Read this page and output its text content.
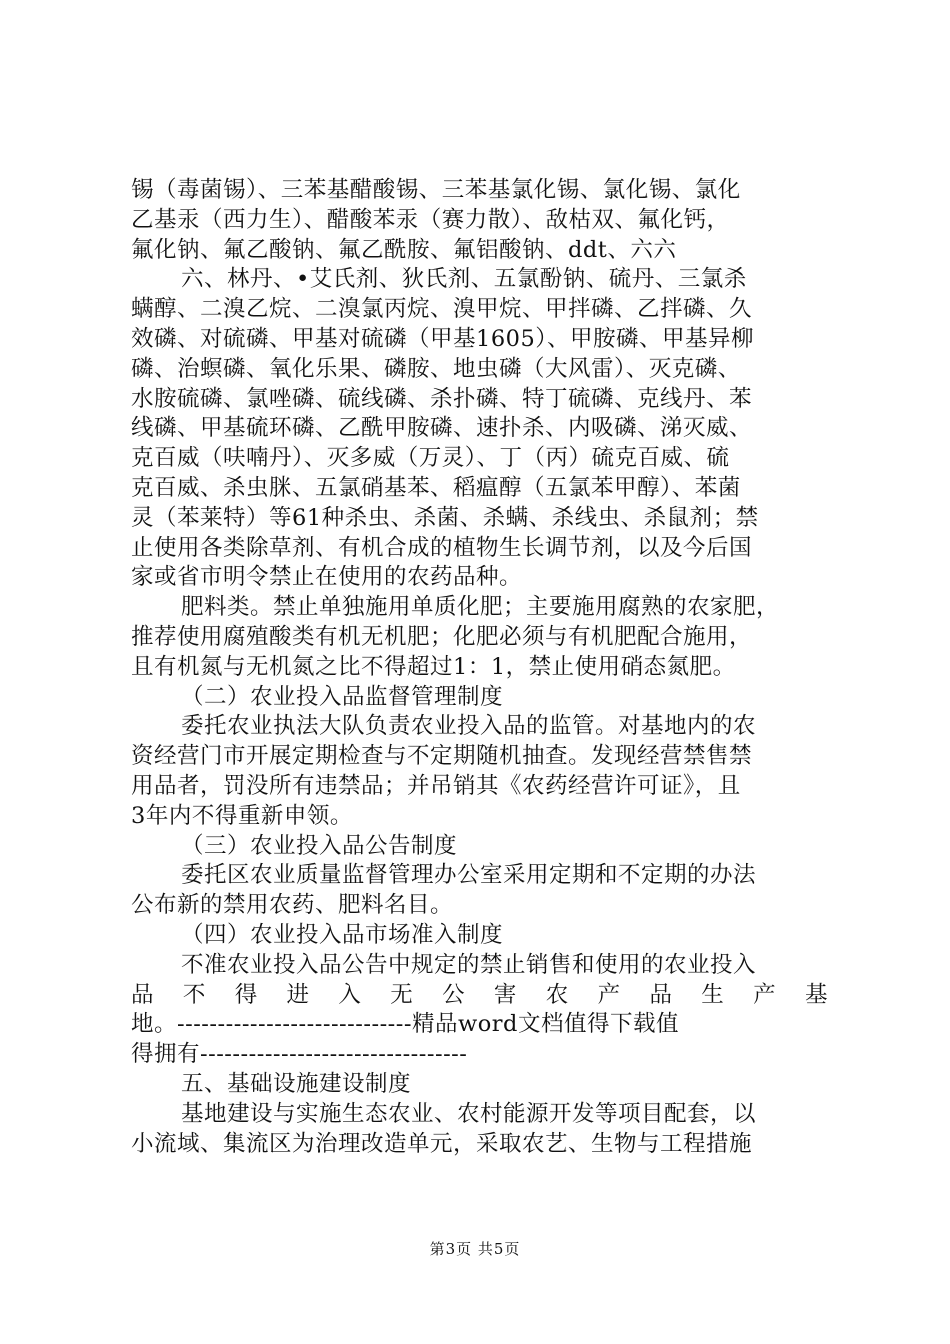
锡（毒菌锡）、三苯基醋酸锡、三苯基氯化锡、氯化锡、氯化
乙基汞（西力生）、醋酸苯汞（赛力散）、敌枯双、氟化钙，
氟化钠、氟乙酸钠、氟乙酰胺、氟铝酸钠、ddt、六六
六、林丹、•艾氏剂、狄氏剂、五氯酚钠、硫丹、三氯杀
螨醇、二溴乙烷、二溴氯丙烷、溴甲烷、甲拌磷、乙拌磷、久
效磷、对硫磷、甲基对硫磷（甲基1605）、甲胺磷、甲基异柳
磷、治螟磷、氧化乐果、磷胺、地虫磷（大风雷）、灭克磷、
水胺硫磷、氯唑磷、硫线磷、杀扑磷、特丁硫磷、克线丹、苯
线磷、甲基硫环磷、乙酰甲胺磷、速扑杀、内吸磷、涕灭威、
克百威（呋喃丹）、灭多威（万灵）、丁（丙）硫克百威、硫
克百威、杀虫脒、五氯硝基苯、稻瘟醇（五氯苯甲醇）、苯菌
灵（苯莱特）等61种杀虫、杀菌、杀螨、杀线虫、杀鼠剂；禁
止使用各类除草剂、有机合成的植物生长调节剂，以及今后国
家或省市明令禁止在使用的农药品种。
肥料类。禁止单独施用单质化肥；主要施用腐熟的农家肥，
推荐使用腐殖酸类有机无机肥；化肥必须与有机肥配合施用，
且有机氮与无机氮之比不得超过1：1，禁止使用硝态氮肥。
（二）农业投入品监督管理制度
委托农业执法大队负责农业投入品的监管。对基地内的农
资经营门市开展定期检查与不定期随机抽查。发现经营禁售禁
用品者，罚没所有违禁品；并吊销其《农药经营许可证》，且
3年内不得重新申领。
（三）农业投入品公告制度
委托区农业质量监督管理办公室采用定期和不定期的办法
公布新的禁用农药、肥料名目。
（四）农业投入品市场准入制度
不准农业投入品公告中规定的禁止销售和使用的农业投入
品 不 得 进 入 无 公 害 农 产 品 生 产 基
地。-----------------------------精品word文档值得下载值
得拥有---------------------------------
五、基础设施建设制度
基地建设与实施生态农业、农村能源开发等项目配套，以
小流域、集流区为治理改造单元，采取农艺、生物与工程措施
第3页 共5页
